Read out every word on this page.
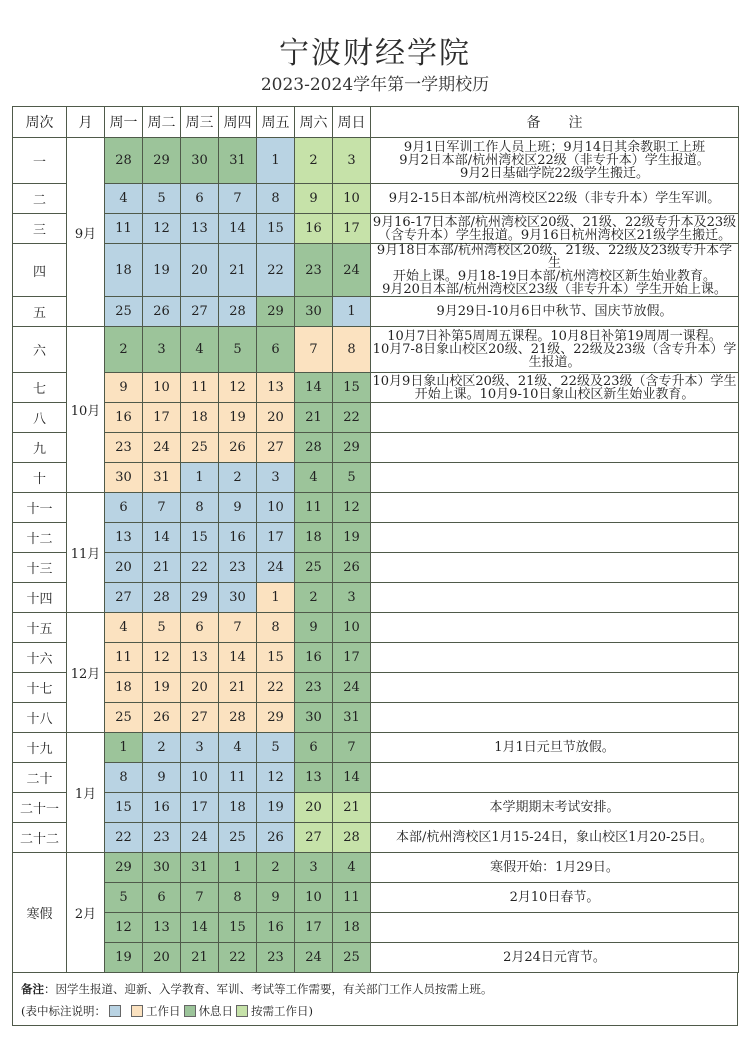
宁波财经学院
2023-2024学年第一学期校历
周次	月	周一	周二	周三	周四	周五	周六	周日	备　　注
一	9月	28	29	30	31	1	2	3	9月1日军训工作人员上班；9月14日其余教职工上班
9月2日本部/杭州湾校区22级（非专升本）学生报道。
9月2日基础学院22级学生搬迁。
二		4	5	6	7	8	9	10	9月2-15日本部/杭州湾校区22级（非专升本）学生军训。
三		11	12	13	14	15	16	17	9月16-17日本部/杭州湾校区20级、21级、22级专升本及23级
（含专升本）学生报道。9月16日杭州湾校区21级学生搬迁。
四		18	19	20	21	22	23	24	9月18日本部/杭州湾校区20级、21级、22级及23级专升本学生
开始上课。9月18-19日本部/杭州湾校区新生始业教育。
9月20日本部/杭州湾校区23级（非专升本）学生开始上课。
五		25	26	27	28	29	30	1	9月29日-10月6日中秋节、国庆节放假。
六	10月	2	3	4	5	6	7	8	10月7日补第5周周五课程。10月8日补第19周周一课程。
10月7-8日象山校区20级、21级、22级及23级（含专升本）学
生报道。
七		9	10	11	12	13	14	15	10月9日象山校区20级、21级、22级及23级（含专升本）学生
开始上课。10月9-10日象山校区新生始业教育。
八		16	17	18	19	20	21	22	
九		23	24	25	26	27	28	29	
十		30	31	1	2	3	4	5	
十一	11月	6	7	8	9	10	11	12	
十二		13	14	15	16	17	18	19	
十三		20	21	22	23	24	25	26	
十四		27	28	29	30	1	2	3	
十五	12月	4	5	6	7	8	9	10	
十六		11	12	13	14	15	16	17	
十七		18	19	20	21	22	23	24	
十八		25	26	27	28	29	30	31	
十九	1月	1	2	3	4	5	6	7	1月1日元旦节放假。
二十		8	9	10	11	12	13	14	
二十一		15	16	17	18	19	20	21	本学期期末考试安排。
二十二		22	23	24	25	26	27	28	本部/杭州湾校区1月15-24日，象山校区1月20-25日。
寒假	2月	29	30	31	1	2	3	4	寒假开始：1月29日。
		5	6	7	8	9	10	11	2月10日春节。
		12	13	14	15	16	17	18	
		19	20	21	22	23	24	25	2月24日元宵节。
备注：因学生报道、迎新、入学教育、军训、考试等工作需要，有关部门工作人员按需上班。
(表中标注说明：	工作日 休息日 按需工作日)
